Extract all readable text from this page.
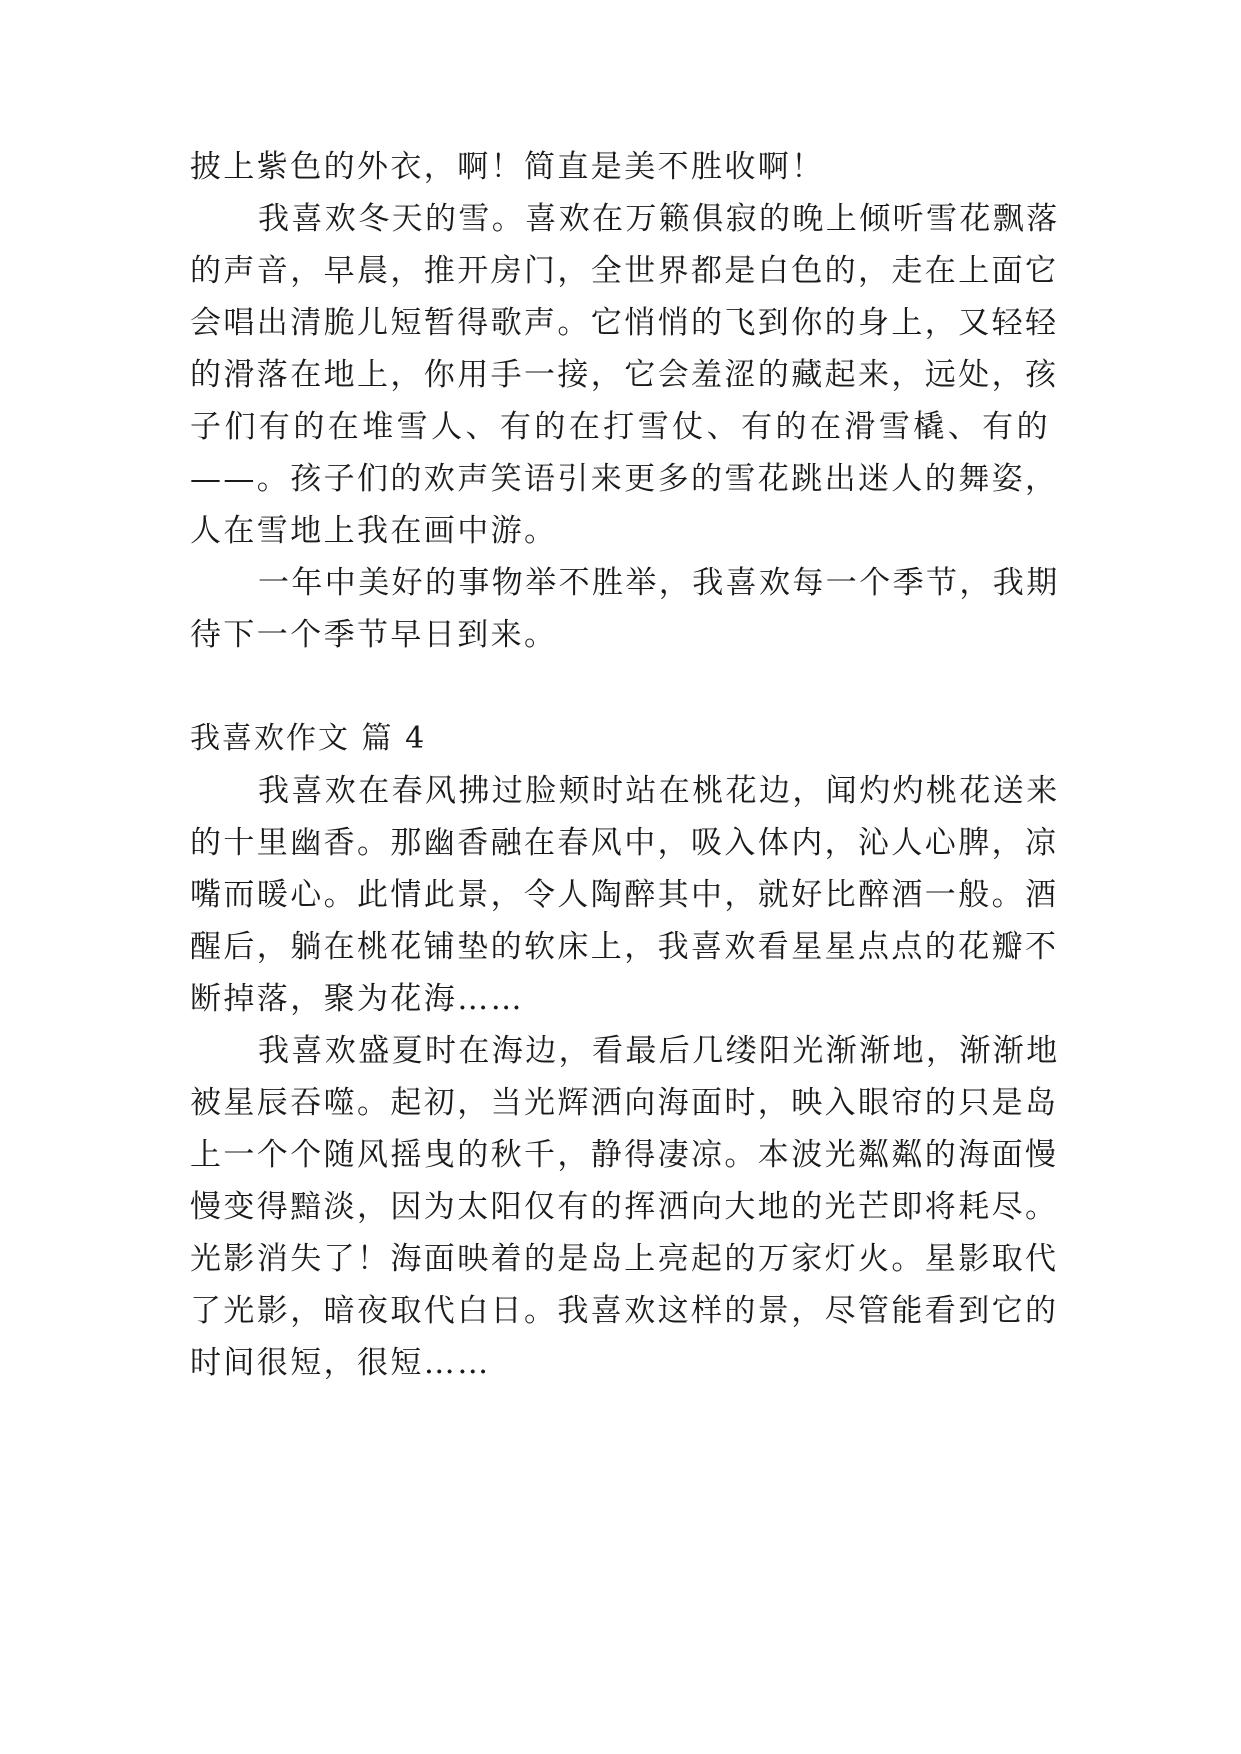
披上紫色的外衣，啊！简直是美不胜收啊！
我喜欢冬天的雪。喜欢在万籁俱寂的晚上倾听雪花飘落
的声音，早晨，推开房门，全世界都是白色的，走在上面它
会唱出清脆儿短暂得歌声。它悄悄的飞到你的身上，又轻轻
的滑落在地上，你用手一接，它会羞涩的藏起来，远处，孩
子们有的在堆雪人、有的在打雪仗、有的在滑雪橇、有的
——。孩子们的欢声笑语引来更多的雪花跳出迷人的舞姿，
人在雪地上我在画中游。
一年中美好的事物举不胜举，我喜欢每一个季节，我期
待下一个季节早日到来。
我喜欢作文 篇 4
我喜欢在春风拂过脸颊时站在桃花边，闻灼灼桃花送来
的十里幽香。那幽香融在春风中，吸入体内，沁人心脾，凉
嘴而暖心。此情此景，令人陶醉其中，就好比醉酒一般。酒
醒后，躺在桃花铺垫的软床上，我喜欢看星星点点的花瓣不
断掉落，聚为花海……
我喜欢盛夏时在海边，看最后几缕阳光渐渐地，渐渐地
被星辰吞噬。起初，当光辉洒向海面时，映入眼帘的只是岛
上一个个随风摇曳的秋千，静得凄凉。本波光粼粼的海面慢
慢变得黯淡，因为太阳仅有的挥洒向大地的光芒即将耗尽。
光影消失了！海面映着的是岛上亮起的万家灯火。星影取代
了光影，暗夜取代白日。我喜欢这样的景，尽管能看到它的
时间很短，很短……
